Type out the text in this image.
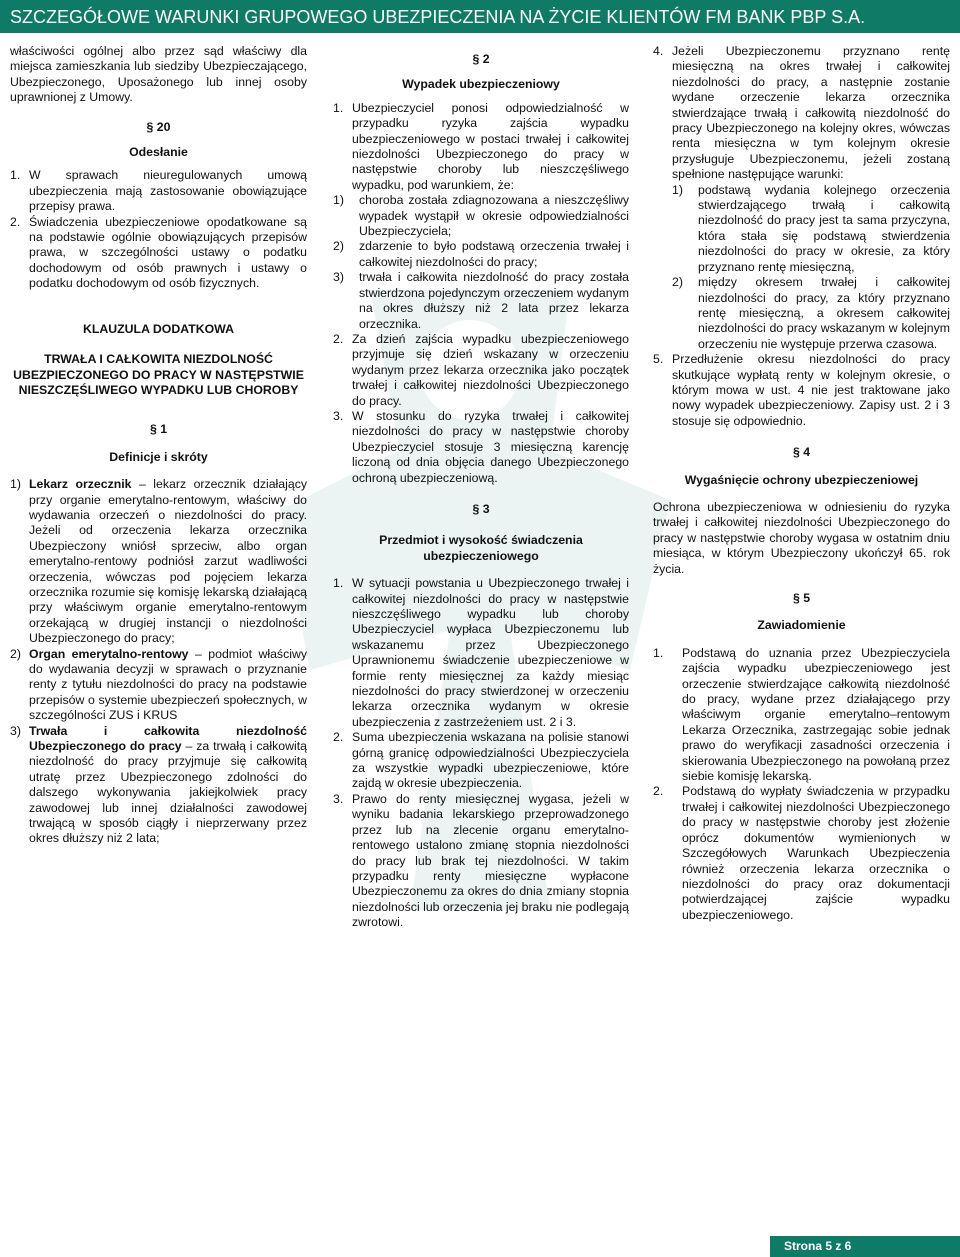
SZCZEGÓŁOWE WARUNKI GRUPOWEGO UBEZPIECZENIA NA ŻYCIE KLIENTÓW FM BANK PBP S.A.

właściwości ogólnej albo przez sąd właściwy dla miejsca zamieszkania lub siedziby Ubezpieczającego, Ubezpieczonego, Uposażonego lub innej osoby uprawnionej z Umowy.

§ 20

Odesłanie

1. W sprawach nieuregulowanych umową ubezpieczenia mają zastosowanie obowiązujące przepisy prawa.
2. Świadczenia ubezpieczeniowe opodatkowane są na podstawie ogólnie obowiązujących przepisów prawa, w szczególności ustawy o podatku dochodowym od osób prawnych i ustawy o podatku dochodowym od osób fizycznych.

KLAUZULA DODATKOWA

TRWAŁA I CAŁKOWITA NIEZDOLNOŚĆ UBEZPIECZONEGO DO PRACY W NASTĘPSTWIE NIESZCZĘŚLIWEGO WYPADKU LUB CHOROBY

§ 1

Definicje i skróty

1) Lekarz orzecznik – lekarz orzecznik działający przy organie emerytalno-rentowym, właściwy do wydawania orzeczeń o niezdolności do pracy. Jeżeli od orzeczenia lekarza orzecznika Ubezpieczony wniósł sprzeciw, albo organ emerytalno-rentowy podniósł zarzut wadliwości orzeczenia, wówczas pod pojęciem lekarza orzecznika rozumie się komisję lekarską działającą przy właściwym organie emerytalno-rentowym orzekającą w drugiej instancji o niezdolności Ubezpieczonego do pracy;
2) Organ emerytalno-rentowy – podmiot właściwy do wydawania decyzji w sprawach o przyznanie renty z tytułu niezdolności do pracy na podstawie przepisów o systemie ubezpieczeń społecznych, w szczególności ZUS i KRUS
3) Trwała i całkowita niezdolność Ubezpieczonego do pracy – za trwałą i całkowitą niezdolność do pracy przyjmuje się całkowitą utratę przez Ubezpieczonego zdolności do dalszego wykonywania jakiejkolwiek pracy zawodowej lub innej działalności zawodowej trwającą w sposób ciągły i nieprzerwany przez okres dłuższy niż 2 lata;

§ 2

Wypadek ubezpieczeniowy

1. Ubezpieczyciel ponosi odpowiedzialność w przypadku ryzyka zajścia wypadku ubezpieczeniowego w postaci trwałej i całkowitej niezdolności Ubezpieczonego do pracy w następstwie choroby lub nieszczęśliwego wypadku, pod warunkiem, że:
1)	choroba została zdiagnozowana a nieszczęśliwy wypadek wystąpił w okresie odpowiedzialności Ubezpieczyciela;
2)	zdarzenie to było podstawą orzeczenia trwałej i całkowitej niezdolności do pracy;
3)	trwała i całkowita niezdolność do pracy została stwierdzona pojedynczym orzeczeniem wydanym na okres dłuższy niż 2 lata przez lekarza orzecznika.
2. Za dzień zajścia wypadku ubezpieczeniowego przyjmuje się dzień wskazany w orzeczeniu wydanym przez lekarza orzecznika jako początek trwałej i całkowitej niezdolności Ubezpieczonego do pracy.
3. W stosunku do ryzyka trwałej i całkowitej niezdolności do pracy w następstwie choroby Ubezpieczyciel stosuje 3 miesięczną karencję liczoną od dnia objęcia danego Ubezpieczonego ochroną ubezpieczeniową.

§ 3

Przedmiot i wysokość świadczenia ubezpieczeniowego

1. W sytuacji powstania u Ubezpieczonego trwałej i całkowitej niezdolności do pracy w następstwie nieszczęśliwego wypadku lub choroby Ubezpieczyciel wypłaca Ubezpieczonemu lub wskazanemu przez Ubezpieczonego Uprawnionemu świadczenie ubezpieczeniowe w formie renty miesięcznej za każdy miesiąc niezdolności do pracy stwierdzonej w orzeczeniu lekarza orzecznika wydanym w okresie ubezpieczenia z zastrzeżeniem ust. 2 i 3.
2. Suma ubezpieczenia wskazana na polisie stanowi górną granicę odpowiedzialności Ubezpieczyciela za wszystkie wypadki ubezpieczeniowe, które zajdą w okresie ubezpieczenia.
3. Prawo do renty miesięcznej wygasa, jeżeli w wyniku badania lekarskiego przeprowadzonego przez lub na zlecenie organu emerytalno-rentowego ustalono zmianę stopnia niezdolności do pracy lub brak tej niezdolności. W takim przypadku renty miesięczne wypłacone Ubezpieczonemu za okres do dnia zmiany stopnia niezdolności lub orzeczenia jej braku nie podlegają zwrotowi.
4. Jeżeli Ubezpieczonemu przyznano rentę miesięczną na okres trwałej i całkowitej niezdolności do pracy, a następnie zostanie wydane orzeczenie lekarza orzecznika stwierdzające trwałą i całkowitą niezdolność do pracy Ubezpieczonego na kolejny okres, wówczas renta miesięczna w tym kolejnym okresie przysługuje Ubezpieczonemu, jeżeli zostaną spełnione następujące warunki:
1)	podstawą wydania kolejnego orzeczenia stwierdzającego trwałą i całkowitą niezdolność do pracy jest ta sama przyczyna, która stała się podstawą stwierdzenia niezdolności do pracy w okresie, za który przyznano rentę miesięczną,
2)	między okresem trwałej i całkowitej niezdolności do pracy, za który przyznano rentę miesięczną, a okresem całkowitej niezdolności do pracy wskazanym w kolejnym orzeczeniu nie występuje przerwa czasowa.
5. Przedłużenie okresu niezdolności do pracy skutkujące wypłatą renty w kolejnym okresie, o którym mowa w ust. 4 nie jest traktowane jako nowy wypadek ubezpieczeniowy. Zapisy ust. 2 i 3 stosuje się odpowiednio.

§ 4

Wygaśnięcie ochrony ubezpieczeniowej

Ochrona ubezpieczeniowa w odniesieniu do ryzyka trwałej i całkowitej niezdolności Ubezpieczonego do pracy w następstwie choroby wygasa w ostatnim dniu miesiąca, w którym Ubezpieczony ukończył 65. rok życia.

§ 5

Zawiadomienie

1.	Podstawą do uznania przez Ubezpieczyciela zajścia wypadku ubezpieczeniowego jest orzeczenie stwierdzające całkowitą niezdolność do pracy, wydane przez działającego przy właściwym organie emerytalno–rentowym Lekarza Orzecznika, zastrzegając sobie jednak prawo do weryfikacji zasadności orzeczenia i skierowania Ubezpieczonego na powołaną przez siebie komisję lekarską.
2.	Podstawą do wypłaty świadczenia w przypadku trwałej i całkowitej niezdolności Ubezpieczonego do pracy w następstwie choroby jest złożenie oprócz dokumentów wymienionych w Szczegółowych Warunkach Ubezpieczenia również orzeczenia lekarza orzecznika o niezdolności do pracy oraz dokumentacji potwierdzającej zajście wypadku ubezpieczeniowego.
Strona 5 z 6
